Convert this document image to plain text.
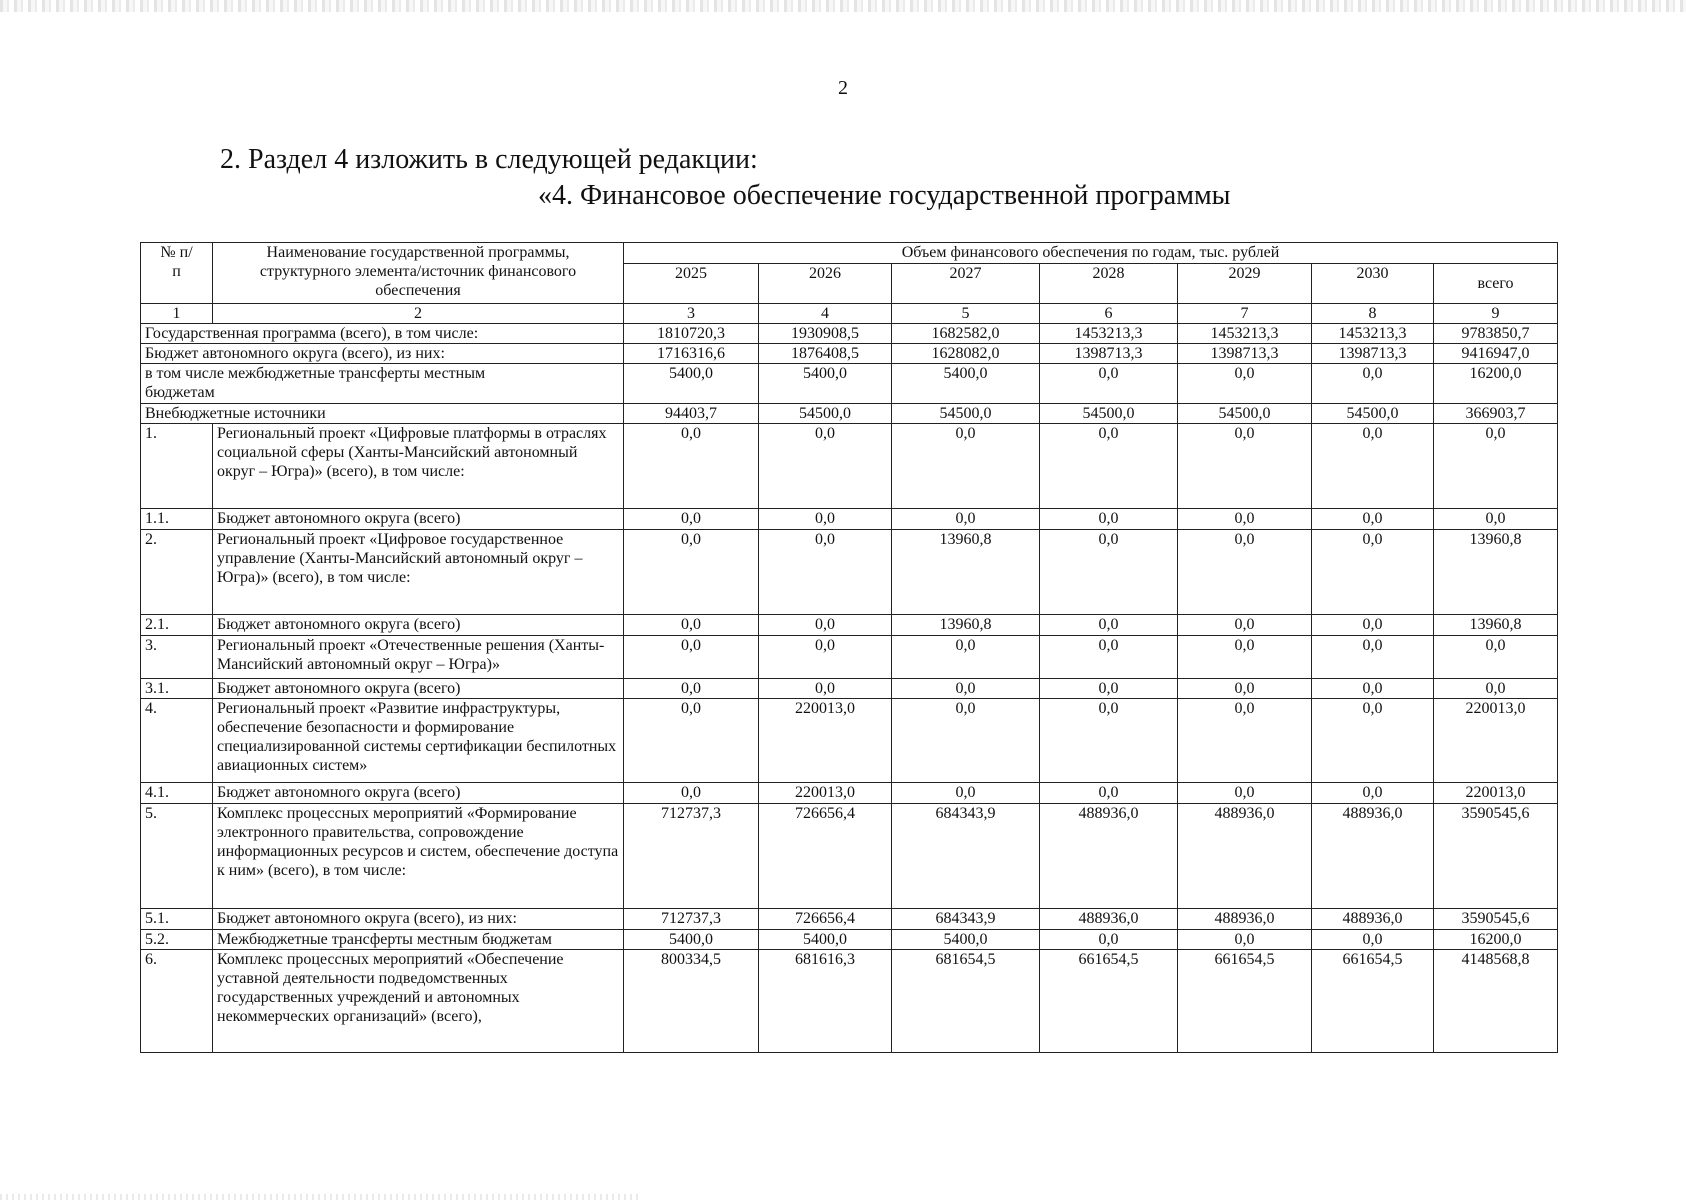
2
2. Раздел 4 изложить в следующей редакции:
«4. Финансовое обеспечение государственной программы
№ п/п	Наименование государственной программы, структурного элемента/источник финансового обеспечения	Объем финансового обеспечения по годам, тыс. рублей						
		2025	2026	2027	2028	2029	2030	всего
1	2	3	4	5	6	7	8	9
Государственная программа (всего), в том числе:		1810720,3	1930908,5	1682582,0	1453213,3	1453213,3	1453213,3	9783850,7
Бюджет автономного округа (всего), из них:		1716316,6	1876408,5	1628082,0	1398713,3	1398713,3	1398713,3	9416947,0
в том числе межбюджетные трансферты местным бюджетам		5400,0	5400,0	5400,0	0,0	0,0	0,0	16200,0
Внебюджетные источники		94403,7	54500,0	54500,0	54500,0	54500,0	54500,0	366903,7
1.	Региональный проект «Цифровые платформы в отраслях социальной сферы (Ханты-Мансийский автономный округ – Югра)» (всего), в том числе:	0,0	0,0	0,0	0,0	0,0	0,0	0,0
1.1.	Бюджет автономного округа (всего)	0,0	0,0	0,0	0,0	0,0	0,0	0,0
2.	Региональный проект «Цифровое государственное управление (Ханты-Мансийский автономный округ – Югра)» (всего), в том числе:	0,0	0,0	13960,8	0,0	0,0	0,0	13960,8
2.1.	Бюджет автономного округа (всего)	0,0	0,0	13960,8	0,0	0,0	0,0	13960,8
3.	Региональный проект «Отечественные решения (Ханты-Мансийский автономный округ – Югра)»	0,0	0,0	0,0	0,0	0,0	0,0	0,0
3.1.	Бюджет автономного округа (всего)	0,0	0,0	0,0	0,0	0,0	0,0	0,0
4.	Региональный проект «Развитие инфраструктуры, обеспечение безопасности и формирование специализированной системы сертификации беспилотных авиационных систем»	0,0	220013,0	0,0	0,0	0,0	0,0	220013,0
4.1.	Бюджет автономного округа (всего)	0,0	220013,0	0,0	0,0	0,0	0,0	220013,0
5.	Комплекс процессных мероприятий «Формирование электронного правительства, сопровождение информационных ресурсов и систем, обеспечение доступа к ним» (всего), в том числе:	712737,3	726656,4	684343,9	488936,0	488936,0	488936,0	3590545,6
5.1.	Бюджет автономного округа (всего), из них:	712737,3	726656,4	684343,9	488936,0	488936,0	488936,0	3590545,6
5.2.	Межбюджетные трансферты местным бюджетам	5400,0	5400,0	5400,0	0,0	0,0	0,0	16200,0
6.	Комплекс процессных мероприятий «Обеспечение уставной деятельности подведомственных государственных учреждений и автономных некоммерческих организаций» (всего),	800334,5	681616,3	681654,5	661654,5	661654,5	661654,5	4148568,8
